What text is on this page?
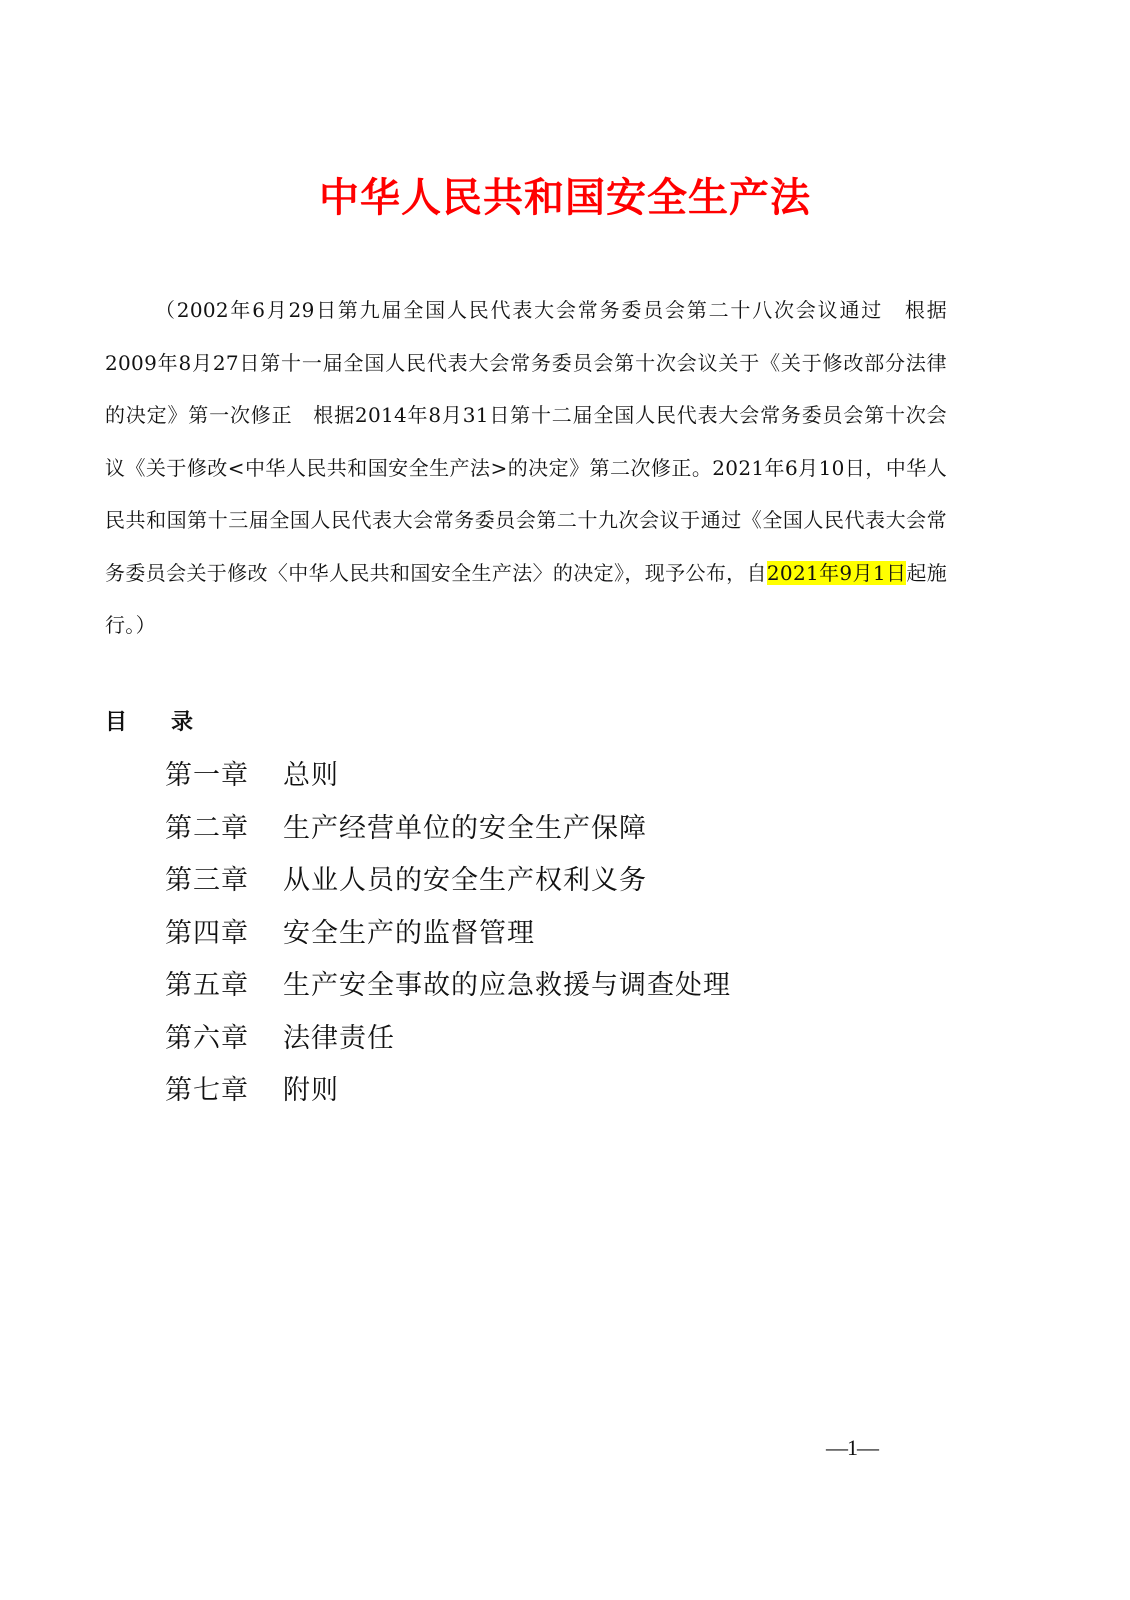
中华人民共和国安全生产法

（2002年6月29日第九届全国人民代表大会常务委员会第二十八次会议通过　根据2009年8月27日第十一届全国人民代表大会常务委员会第十次会议关于《关于修改部分法律的决定》第一次修正　根据2014年8月31日第十二届全国人民代表大会常务委员会第十次会议《关于修改<中华人民共和国安全生产法>的决定》第二次修正。2021年6月10日，中华人民共和国第十三届全国人民代表大会常务委员会第二十九次会议于通过《全国人民代表大会常务委员会关于修改〈中华人民共和国安全生产法〉的决定》，现予公布，自2021年9月1日起施行。）

目 录
第一章 总则
第二章 生产经营单位的安全生产保障
第三章 从业人员的安全生产权利义务
第四章 安全生产的监督管理
第五章 生产安全事故的应急救援与调查处理
第六章 法律责任
第七章 附则
—1—
